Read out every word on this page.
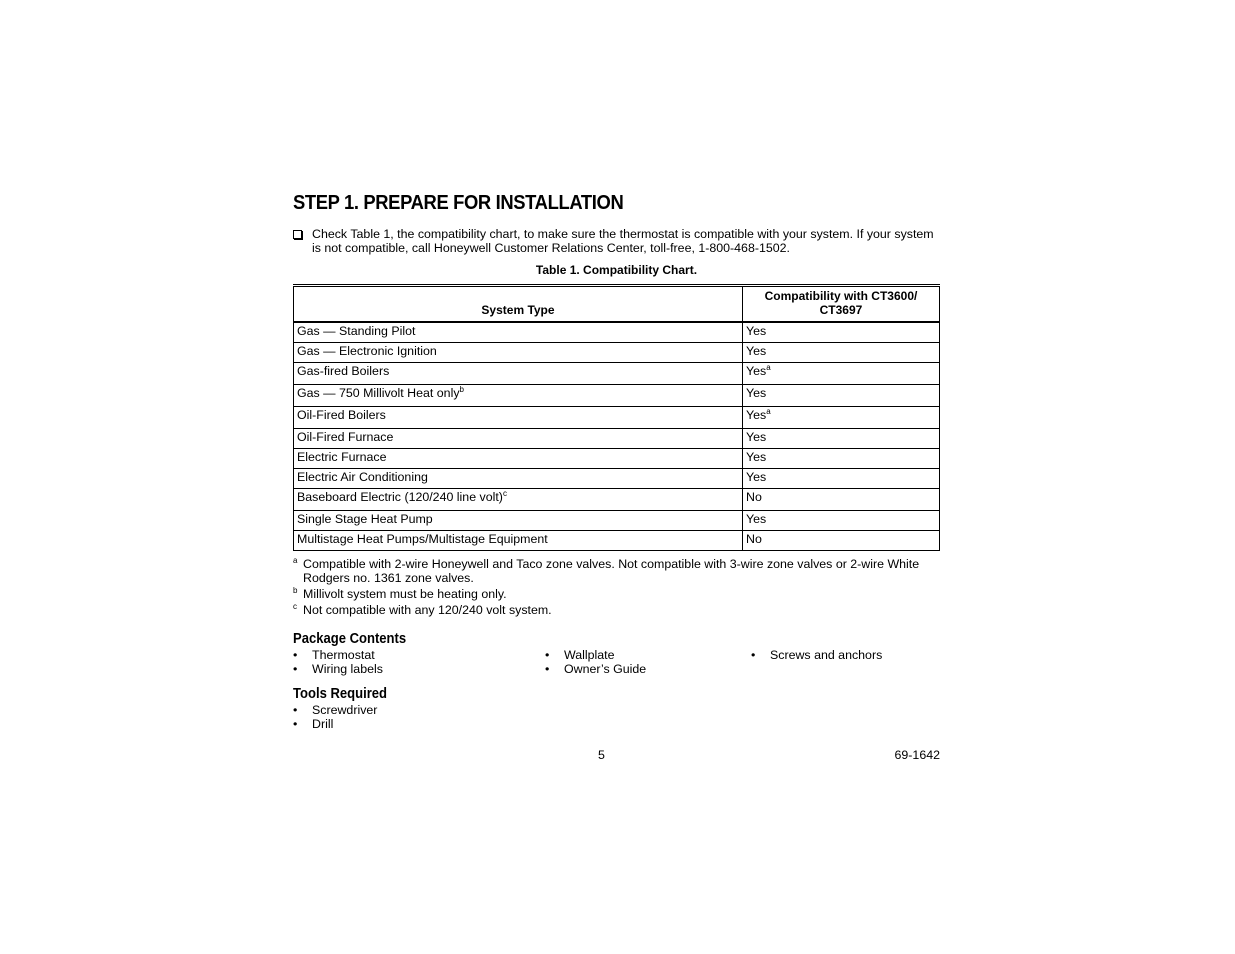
STEP 1. PREPARE FOR INSTALLATION
Check Table 1, the compatibility chart, to make sure the thermostat is compatible with your system. If your system
is not compatible, call Honeywell Customer Relations Center, toll-free, 1-800-468-1502.
Table 1. Compatibility Chart.
System Type	Compatibility with CT3600/
CT3697

Gas — Standing Pilot	Yes
Gas — Electronic Ignition	Yes
Gas-fired Boilers	Yes$^a$
Gas — 750 Millivolt Heat only$^b$	Yes
Oil-Fired Boilers	Yes$^a$
Oil-Fired Furnace	Yes
Electric Furnace	Yes
Electric Air Conditioning	Yes
Baseboard Electric (120/240 line volt)$^c$	No
Single Stage Heat Pump	Yes
Multistage Heat Pumps/Multistage Equipment	No
a Compatible with 2-wire Honeywell and Taco zone valves. Not compatible with 3-wire zone valves or 2-wire White
Rodgers no. 1361 zone valves.
b Millivolt system must be heating only.
c Not compatible with any 120/240 volt system.
Package Contents
• Thermostat
• Wiring labels
• Wallplate
• Owner’s Guide
• Screws and anchors
Tools Required
• Screwdriver
• Drill
5	69-1642
